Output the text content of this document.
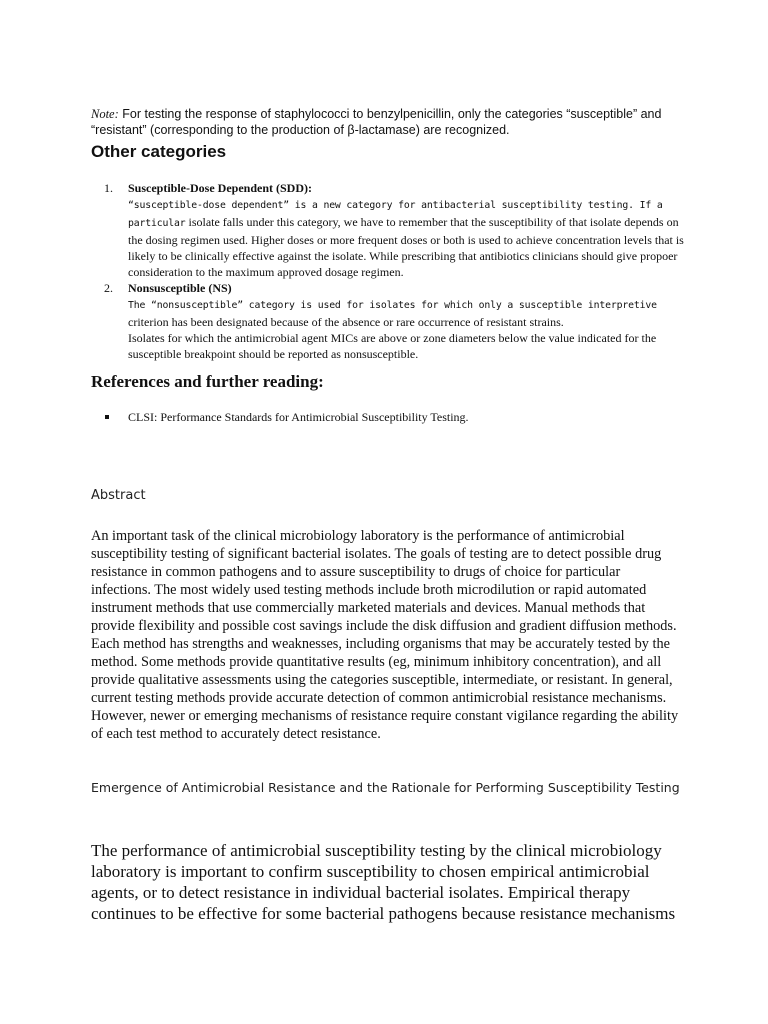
Note: For testing the response of staphylococci to benzylpenicillin, only the categories “susceptible” and “resistant” (corresponding to the production of β-lactamase) are recognized.

Other categories
1. Susceptible-Dose Dependent (SDD):
“susceptible-dose dependent” is a new category for antibacterial susceptibility testing. If a particular isolate falls under this category, we have to remember that the susceptibility of that isolate depends on the dosing regimen used. Higher doses or more frequent doses or both is used to achieve concentration levels that is likely to be clinically effective against the isolate. While prescribing that antibiotics clinicians should give propoer consideration to the maximum approved dosage regimen.
2. Nonsusceptible (NS)
The “nonsusceptible” category is used for isolates for which only a susceptible interpretive criterion has been designated because of the absence or rare occurrence of resistant strains.
Isolates for which the antimicrobial agent MICs are above or zone diameters below the value indicated for the susceptible breakpoint should be reported as nonsusceptible.
References and further reading:
CLSI: Performance Standards for Antimicrobial Susceptibility Testing.
Abstract

An important task of the clinical microbiology laboratory is the performance of antimicrobial susceptibility testing of significant bacterial isolates. The goals of testing are to detect possible drug resistance in common pathogens and to assure susceptibility to drugs of choice for particular infections. The most widely used testing methods include broth microdilution or rapid automated instrument methods that use commercially marketed materials and devices. Manual methods that provide flexibility and possible cost savings include the disk diffusion and gradient diffusion methods. Each method has strengths and weaknesses, including organisms that may be accurately tested by the method. Some methods provide quantitative results (eg, minimum inhibitory concentration), and all provide qualitative assessments using the categories susceptible, intermediate, or resistant. In general, current testing methods provide accurate detection of common antimicrobial resistance mechanisms. However, newer or emerging mechanisms of resistance require constant vigilance regarding the ability of each test method to accurately detect resistance.

Emergence of Antimicrobial Resistance and the Rationale for Performing Susceptibility Testing

The performance of antimicrobial susceptibility testing by the clinical microbiology laboratory is important to confirm susceptibility to chosen empirical antimicrobial agents, or to detect resistance in individual bacterial isolates. Empirical therapy continues to be effective for some bacterial pathogens because resistance mechanisms
